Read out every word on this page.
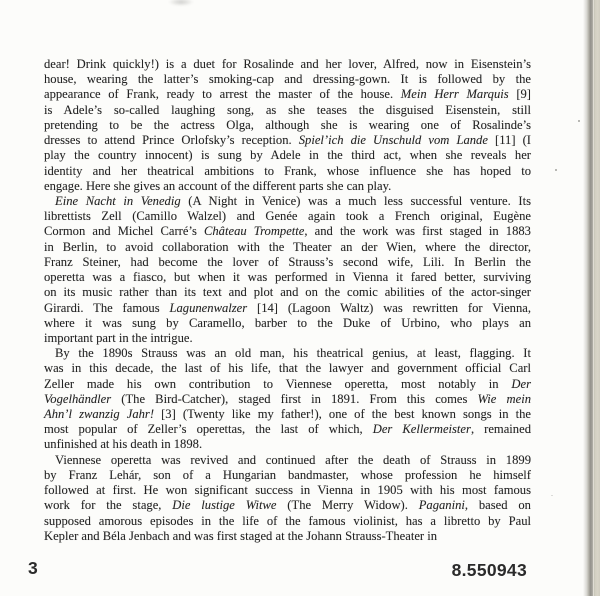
dear! Drink quickly!) is a duet for Rosalinde and her lover, Alfred, now in Eisenstein’s
house, wearing the latter’s smoking-cap and dressing-gown. It is followed by the
appearance of Frank, ready to arrest the master of the house. Mein Herr Marquis [9]
is Adele’s so-called laughing song, as she teases the disguised Eisenstein, still
pretending to be the actress Olga, although she is wearing one of Rosalinde’s
dresses to attend Prince Orlofsky’s reception. Spiel’ich die Unschuld vom Lande [11] (I
play the country innocent) is sung by Adele in the third act, when she reveals her
identity and her theatrical ambitions to Frank, whose influence she has hoped to
engage. Here she gives an account of the different parts she can play.
Eine Nacht in Venedig (A Night in Venice) was a much less successful venture. Its
librettists Zell (Camillo Walzel) and Genée again took a French original, Eugène
Cormon and Michel Carré’s Château Trompette, and the work was first staged in 1883
in Berlin, to avoid collaboration with the Theater an der Wien, where the director,
Franz Steiner, had become the lover of Strauss’s second wife, Lili. In Berlin the
operetta was a fiasco, but when it was performed in Vienna it fared better, surviving
on its music rather than its text and plot and on the comic abilities of the actor-singer
Girardi. The famous Lagunenwalzer [14] (Lagoon Waltz) was rewritten for Vienna,
where it was sung by Caramello, barber to the Duke of Urbino, who plays an
important part in the intrigue.
By the 1890s Strauss was an old man, his theatrical genius, at least, flagging. It
was in this decade, the last of his life, that the lawyer and government official Carl
Zeller made his own contribution to Viennese operetta, most notably in Der
Vogelhändler (The Bird-Catcher), staged first in 1891. From this comes Wie mein
Ahn’l zwanzig Jahr! [3] (Twenty like my father!), one of the best known songs in the
most popular of Zeller’s operettas, the last of which, Der Kellermeister, remained
unfinished at his death in 1898.
Viennese operetta was revived and continued after the death of Strauss in 1899
by Franz Lehár, son of a Hungarian bandmaster, whose profession he himself
followed at first. He won significant success in Vienna in 1905 with his most famous
work for the stage, Die lustige Witwe (The Merry Widow). Paganini, based on
supposed amorous episodes in the life of the famous violinist, has a libretto by Paul
Kepler and Béla Jenbach and was first staged at the Johann Strauss-Theater in
3	8.550943
